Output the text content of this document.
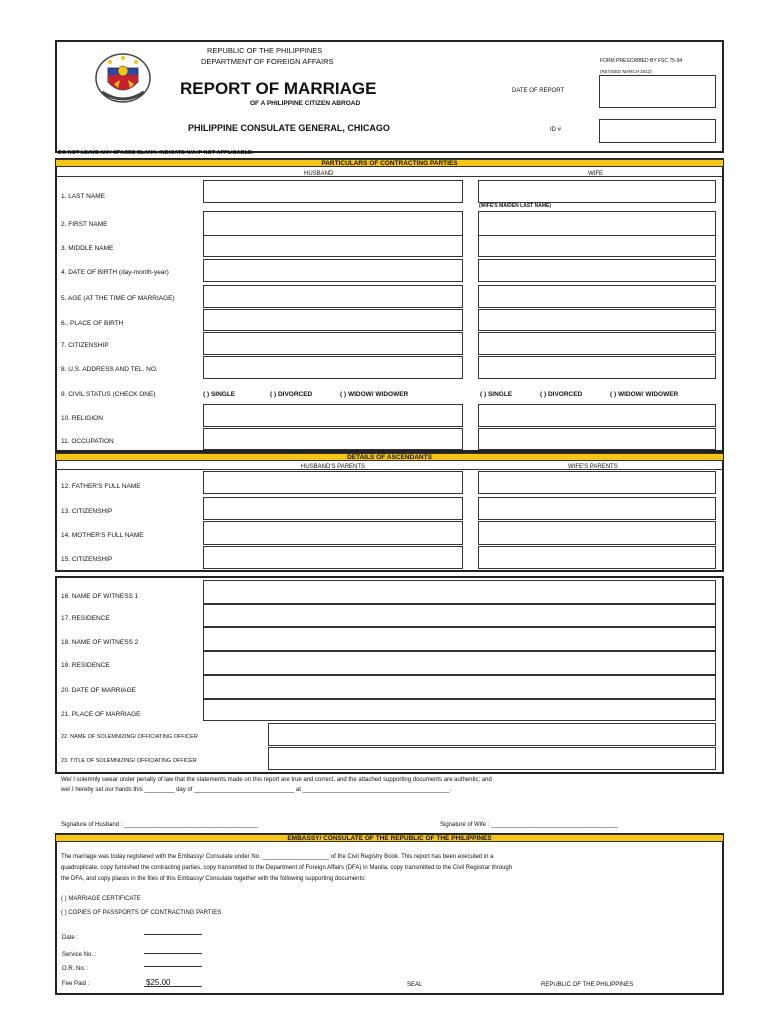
REPUBLIC OF THE PHILIPPINES
DEPARTMENT OF FOREIGN AFFAIRS	FORM PRESCRIBED BY FSC 75-94
(REVISED MARCH 2012)
REPORT OF MARRIAGE
OF A PHILIPPINE CITIZEN ABROAD
PHILIPPINE CONSULATE GENERAL, CHICAGO
DATE OF REPORT
ID #
DO NOT LEAVE ANY SPACES BLANK. INDICATE N/A IF NOT APPLICABLE.
PARTICULARS OF CONTRACTING PARTIES
HUSBAND	WIFE
1. LAST NAME
(WIFE'S MAIDEN LAST NAME)
2. FIRST NAME
3. MIDDLE NAME
4. DATE OF BIRTH (day-month-year)
5. AGE (AT THE TIME OF MARRIAGE)
6.. PLACE OF BIRTH
7. CITIZENSHIP
8. U.S. ADDRESS AND TEL. NO.
9. CIVIL STATUS (CHECK ONE)	( ) SINGLE	( ) DIVORCED	( ) WIDOW/ WIDOWER	( ) SINGLE	( ) DIVORCED	( ) WIDOW/ WIDOWER
10. RELIGION
11. OCCUPATION
DETAILS OF ASCENDANTS
HUSBAND'S PARENTS	WIFE'S PARENTS
12. FATHER'S FULL NAME
13. CITIZENSHIP
14. MOTHER'S FULL NAME
15. CITIZENSHIP
16. NAME OF WITNESS 1
17. RESIDENCE
18. NAME OF WITNESS 2
19. RESIDENCE
20. DATE OF MARRIAGE
21. PLACE OF MARRIAGE
22. NAME OF SOLEMNIZING/ OFFICIATING OFFICER
23. TITLE OF SOLEMNIZING/ OFFICIATING OFFICER
We/ I solemnly swear under penalty of law that the statements made on this report are true and correct, and the attached supporting documents are authentic; and
we/ I hereby set our hands this _________ day of ______________________________ at ____________________________________________.
Signature of Husband : ________________________________________	Signature of Wife : ______________________________________
EMBASSY/ CONSULATE OF THE REPUBLIC OF THE PHILIPPINES
The marriage was today registered with the Embassy/ Consulate under No. ____________________ of the Civil Registry Book. This report has been executed in a
quadruplicate, copy furnished the contracting parties, copy transmitted to the Department of Foreign Affairs (DFA) in Manila, copy transmitted to the Civil Registrar through
the DFA, and copy places in the files of this Embassy/ Consulate together with the following supporting documents:
( ) MARRIAGE CERTIFICATE
( ) COPIES OF PASSPORTS OF CONTRACTING PARTIES
Date :
Service No. :
O.R. No. :
Fee Paid :	$25.00	SEAL	REPUBLIC OF THE PHILIPPINES
